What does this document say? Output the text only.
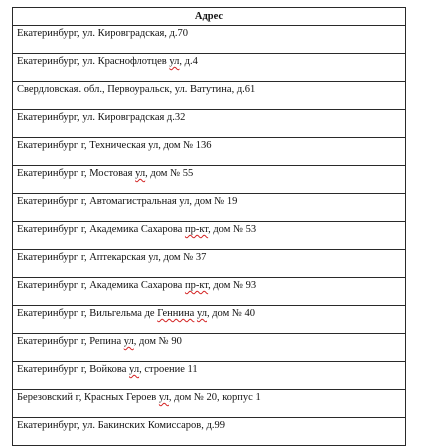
Адрес
Екатеринбург, ул. Кировградская, д.70
Екатеринбург, ул. Краснофлотцев ул, д.4
Свердловская. обл., Первоуральск, ул. Ватутина, д.61
Екатеринбург, ул. Кировградская д.32
Екатеринбург г, Техническая ул, дом № 136
Екатеринбург г, Мостовая ул, дом № 55
Екатеринбург г, Автомагистральная ул, дом № 19
Екатеринбург г, Академика Сахарова пр-кт, дом № 53
Екатеринбург г, Аптекарская ул, дом № 37
Екатеринбург г, Академика Сахарова пр-кт, дом № 93
Екатеринбург г, Вильгельма де Геннина ул, дом № 40
Екатеринбург г, Репина ул, дом № 90
Екатеринбург г, Войкова ул, строение 11
Березовский г, Красных Героев ул, дом № 20, корпус 1
Екатеринбург, ул. Бакинских Комиссаров, д.99
